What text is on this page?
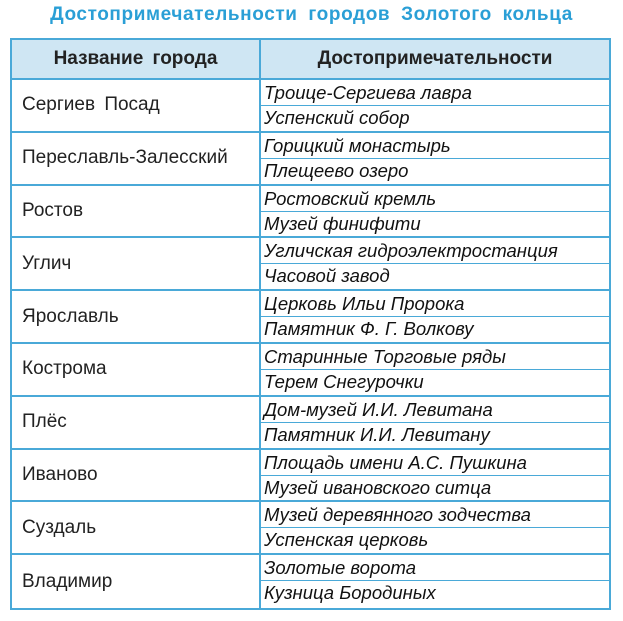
Достопримечательности городов Золотого кольца
Название города	Достопримечательности
Сергиев Посад
Троице-Сергиева лавра
Успенский собор
Переславль-Залесский
Горицкий монастырь
Плещеево озеро
Ростов
Ростовский кремль
Музей финифити
Углич
Угличская гидроэлектростанция
Часовой завод
Ярославль
Церковь Ильи Пророка
Памятник Ф. Г. Волкову
Кострома
Старинные Торговые ряды
Терем Снегурочки
Плёс
Дом-музей И.И. Левитана
Памятник И.И. Левитану
Иваново
Площадь имени А.С. Пушкина
Музей ивановского ситца
Суздаль
Музей деревянного зодчества
Успенская церковь
Владимир
Золотые ворота
Кузница Бородиных
